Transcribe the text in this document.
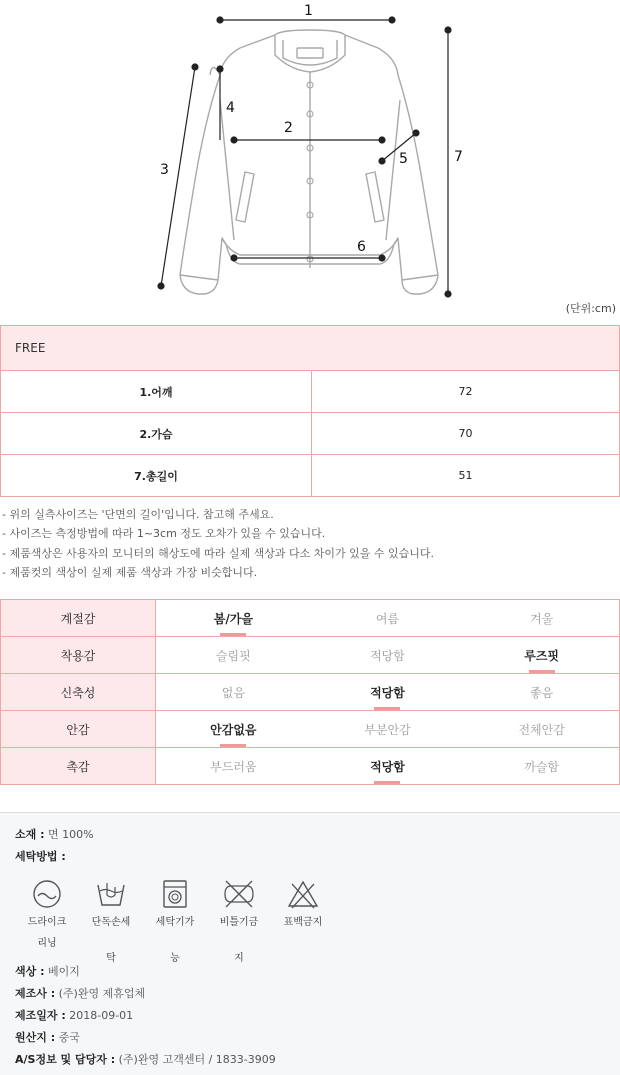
1
2
3
4
5
6
7
(단위:cm)
FREE	
1.어깨	72
2.가슴	70
7.총길이	51
- 위의 실측사이즈는 '단면의 길이'입니다. 참고해 주세요.
- 사이즈는 측정방법에 따라 1~3cm 정도 오차가 있을 수 있습니다.
- 제품색상은 사용자의 모니터의 해상도에 따라 실제 색상과 다소 차이가 있을 수 있습니다.
- 제품컷의 색상이 실제 제품 색상과 가장 비슷합니다.
계절감	봄/가을	여름	겨울
착용감	슬림핏	적당함	루즈핏
신축성	없음	적당함	좋음
안감	안감없음	부분안감	전체안감
촉감	부드러움	적당함	까슬함
소재 : 면 100%
세탁방법 :
드라이크
리닝
단독손세

탁
세탁기가

능
비틀기금

지
표백금지
색상 : 베이지
제조사 : (주)완영 제휴업체
제조일자 : 2018-09-01
원산지 : 중국
A/S정보 및 담당자 : (주)완영 고객센터 / 1833-3909
